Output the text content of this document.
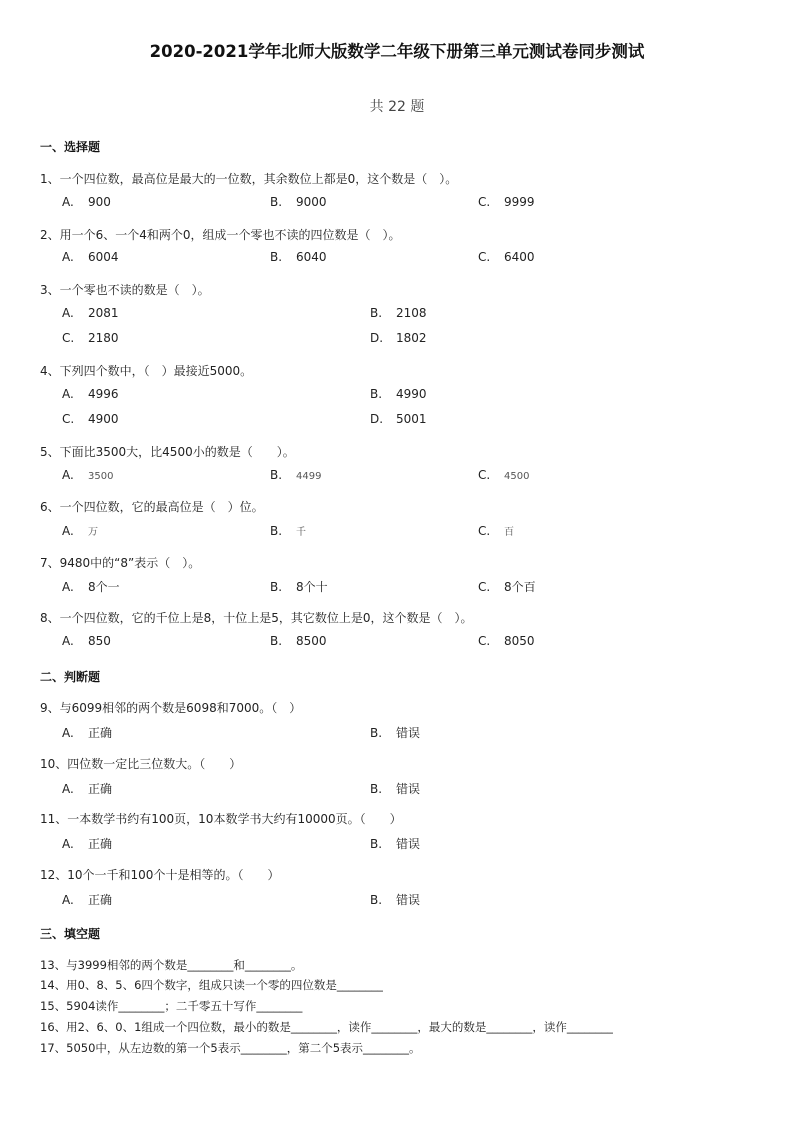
2020-2021学年北师大版数学二年级下册第三单元测试卷同步测试
共 22 题
一、选择题
1、一个四位数，最高位是最大的一位数，其余数位上都是0，这个数是（　）。
A. 900	B. 9000	C. 9999
2、用一个6、一个4和两个0，组成一个零也不读的四位数是（　）。
A. 6004	B. 6040	C. 6400
3、一个零也不读的数是（　）。
A. 2081	B. 2108
C. 2180	D. 1802
4、下列四个数中，（　）最接近5000。
A. 4996	B. 4990
C. 4900	D. 5001
5、下面比3500大，比4500小的数是（　　）。
A. 3500	B. 4499	C. 4500
6、一个四位数，它的最高位是（　）位。
A. 万	B. 千	C. 百
7、9480中的“8”表示（　）。
A. 8个一	B. 8个十	C. 8个百
8、一个四位数，它的千位上是8，十位上是5，其它数位上是0，这个数是（　）。
A. 850	B. 8500	C. 8050
二、判断题
9、与6099相邻的两个数是6098和7000。（　）
A. 正确	B. 错误
10、四位数一定比三位数大。（　　）
A. 正确	B. 错误
11、一本数学书约有100页，10本数学书大约有10000页。（　　）
A. 正确	B. 错误
12、10个一千和100个十是相等的。（　　）
A. 正确	B. 错误
三、填空题
13、与3999相邻的两个数是________和________。
14、用0、8、5、6四个数字，组成只读一个零的四位数是________
15、5904读作________；二千零五十写作________
16、用2、6、0、1组成一个四位数，最小的数是________，读作________，最大的数是________，读作________
17、5050中，从左边数的第一个5表示________，第二个5表示________。
